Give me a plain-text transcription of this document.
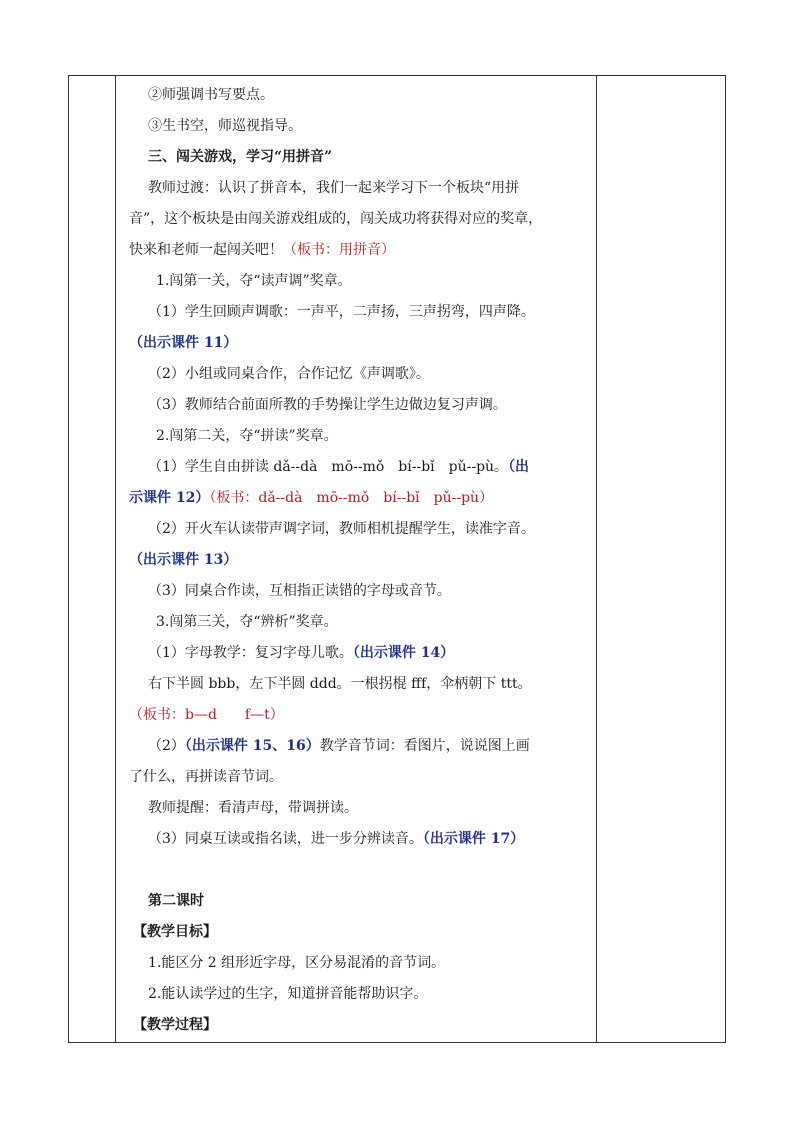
②师强调书写要点。
③生书空，师巡视指导。
三、闯关游戏，学习“用拼音”
教师过渡：认识了拼音本，我们一起来学习下一个板块“用拼
音”，这个板块是由闯关游戏组成的，闯关成功将获得对应的奖章，
快来和老师一起闯关吧！（板书：用拼音）
1.闯第一关，夺“读声调”奖章。
（1）学生回顾声调歌：一声平，二声扬，三声拐弯，四声降。
（出示课件 11）
（2）小组或同桌合作，合作记忆《声调歌》。
（3）教师结合前面所教的手势操让学生边做边复习声调。
2.闯第二关，夺“拼读”奖章。
（1）学生自由拼读 dǎ--dà　mō--mǒ　bí--bǐ　pǔ--pù。（出
示课件 12）（板书：dǎ--dà　mō--mǒ　bí--bǐ　pǔ--pù）
（2）开火车认读带声调字词，教师相机提醒学生，读准字音。
（出示课件 13）
（3）同桌合作读，互相指正读错的字母或音节。
3.闯第三关，夺“辨析”奖章。
（1）字母教学：复习字母儿歌。（出示课件 14）
右下半圆 bbb，左下半圆 ddd。一根拐棍 fff，伞柄朝下 ttt。
（板书：b—d　　f—t）
（2）（出示课件 15、16）教学音节词：看图片，说说图上画
了什么，再拼读音节词。
教师提醒：看清声母，带调拼读。
（3）同桌互读或指名读，进一步分辨读音。（出示课件 17）
第二课时
【教学目标】
1.能区分 2 组形近字母，区分易混淆的音节词。
2.能认读学过的生字，知道拼音能帮助识字。
【教学过程】
